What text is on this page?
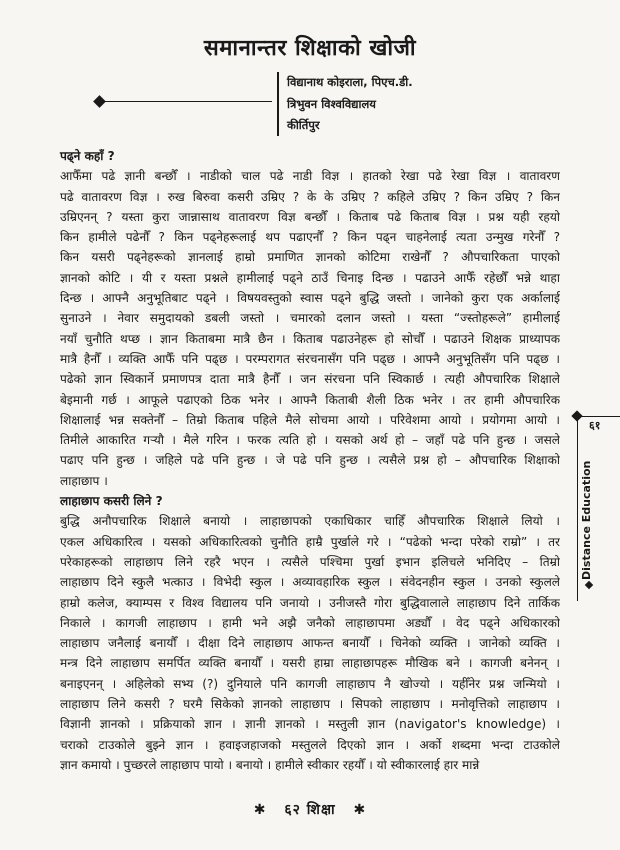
समानान्तर शिक्षाको खोजी
विद्यानाथ कोइराला, पिएच.डी.
त्रिभुवन विश्वविद्यालय
कीर्तिपुर
पढ्ने कहाँ ?
आफैँमा पढे ज्ञानी बन्छौँ । नाडीको चाल पढे नाडी विज्ञ । हातको रेखा पढे रेखा विज्ञ । वातावरण
पढे वातावरण विज्ञ । रुख बिरुवा कसरी उम्रिए ? के के उम्रिए ? कहिले उम्रिए ? किन उम्रिए ? किन
उम्रिएनन् ? यस्ता कुरा जान्नासाथ वातावरण विज्ञ बन्छौँ । किताब पढे किताब विज्ञ । प्रश्न यही रहयो
किन हामीले पढेनौँ ? किन पढ्नेहरूलाई थप पढाएनौँ ? किन पढ्न चाहनेलाई त्यता उन्मुख गरेनौँ ?
किन यसरी पढ्नेहरूको ज्ञानलाई हाम्रो प्रमाणित ज्ञानको कोटिमा राखेनौँ ? औपचारिकता पाएको
ज्ञानको कोटि । यी र यस्ता प्रश्नले हामीलाई पढ्ने ठाउँ चिनाइ दिन्छ । पढाउने आफैँ रहेछौँ भन्ने थाहा
दिन्छ । आफ्नै अनुभूतिबाट पढ्ने । विषयवस्तुको स्वास पढ्ने बुद्धि जस्तो । जानेको कुरा एक अर्कालाई
सुनाउने । नेवार समुदायको डबली जस्तो । चमारको दलान जस्तो । यस्ता “ज्स्तोहरूले” हामीलाई
नयाँ चुनौति थप्छ । ज्ञान किताबमा मात्रै छैन । किताब पढाउनेहरू हो सोचौँ । पढाउने शिक्षक प्राध्यापक
मात्रै हैनौँ । व्यक्ति आफैँ पनि पढ्छ । परम्परागत संरचनासँग पनि पढ्छ । आफ्नै अनुभूतिसँग पनि पढ्छ ।
पढेको ज्ञान स्विकार्ने प्रमाणपत्र दाता मात्रै हैनौँ । जन संरचना पनि स्विकार्छ । त्यही औपचारिक शिक्षाले
बेइमानी गर्छ । आफूले पढाएको ठिक भनेर । आफ्नै किताबी शैली ठिक भनेर । तर हामी औपचारिक
शिक्षालाई भन्न सक्तेनौँ – तिम्रो किताब पहिले मैले सोचमा आयो । परिवेशमा आयो । प्रयोगमा आयो ।
तिमीले आकारित गऱ्यौ । मैले गरिन । फरक त्यति हो । यसको अर्थ हो – जहाँ पढे पनि हुन्छ । जसले
पढाए पनि हुन्छ । जहिले पढे पनि हुन्छ । जे पढे पनि हुन्छ । त्यसैले प्रश्न हो – औपचारिक शिक्षाको
लाहाछाप ।
लाहाछाप कसरी लिने ?
बुद्धि अनौपचारिक शिक्षाले बनायो । लाहाछापको एकाधिकार चाहिँ औपचारिक शिक्षाले लियो ।
एकल अधिकारित्व । यसको अधिकारित्वको चुनौति हाम्रै पुर्खाले गरे । “पढेको भन्दा परेको राम्रो” । तर
परेकाहरूको लाहाछाप लिने रहरै भएन । त्यसैले पश्चिमा पुर्खा इभान इलिचले भनिदिए – तिम्रो
लाहाछाप दिने स्कुलै भत्काउ । विभेदी स्कुल । अव्यावहारिक स्कुल । संवेदनहीन स्कुल । उनको स्कुलले
हाम्रो कलेज, क्याम्पस र विश्व विद्यालय पनि जनायो । उनीजस्तै गोरा बुद्धिवालाले लाहाछाप दिने तार्किक
निकाले । कागजी लाहाछाप । हामी भने अझै जनैको लाहाछापमा अड्यौँ । वेद पढ्ने अधिकारको
लाहाछाप जनैलाई बनायौँ । दीक्षा दिने लाहाछाप आफन्त बनायौँ । चिनेको व्यक्ति । जानेको व्यक्ति ।
मन्त्र दिने लाहाछाप समर्पित व्यक्ति बनायौँ । यसरी हाम्रा लाहाछापहरू मौखिक बने । कागजी बनेनन् ।
बनाइएनन् । अहिलेको सभ्य (?) दुनियाले पनि कागजी लाहाछाप नै खोज्यो । यहीँनेर प्रश्न जन्मियो ।
लाहाछाप लिने कसरी ? घरमै सिकेको ज्ञानको लाहाछाप । सिपको लाहाछाप । मनोवृत्तिको लाहाछाप ।
विज्ञानी ज्ञानको । प्रक्रियाको ज्ञान । ज्ञानी ज्ञानको । मस्तुली ज्ञान (navigator's knowledge) ।
चराको टाउकोले बुझ्ने ज्ञान । हवाइजहाजको मस्तुलले दिएको ज्ञान । अर्को शब्दमा भन्दा टाउकोले
ज्ञान कमायो । पुच्छरले लाहाछाप पायो । बनायो । हामीले स्वीकार रहयौँ । यो स्वीकारलाई हार मान्ने
६१
Distance Education
✱ ६२ शिक्षा ✱
